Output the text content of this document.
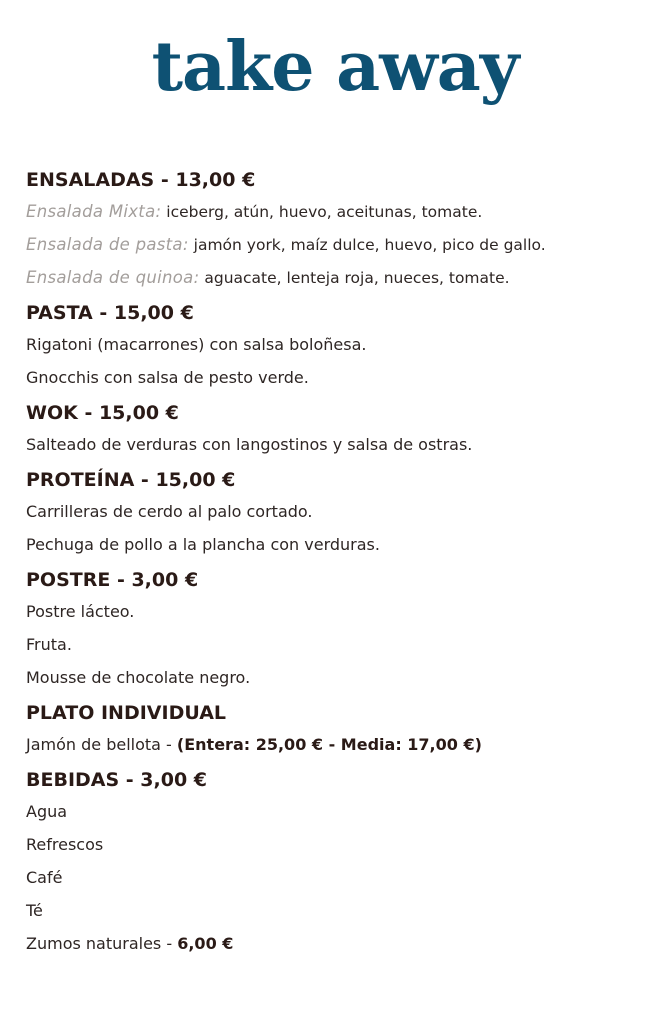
take away
ENSALADAS - 13,00 €
Ensalada Mixta: iceberg, atún, huevo, aceitunas, tomate.
Ensalada de pasta: jamón york, maíz dulce, huevo, pico de gallo.
Ensalada de quinoa: aguacate, lenteja roja, nueces, tomate.
PASTA - 15,00 €
Rigatoni (macarrones) con salsa boloñesa.
Gnocchis con salsa de pesto verde.
WOK - 15,00 €
Salteado de verduras con langostinos y salsa de ostras.
PROTEÍNA - 15,00 €
Carrilleras de cerdo al palo cortado.
Pechuga de pollo a la plancha con verduras.
POSTRE - 3,00 €
Postre lácteo.
Fruta.
Mousse de chocolate negro.
PLATO INDIVIDUAL
Jamón de bellota - (Entera: 25,00 € - Media: 17,00 €)
BEBIDAS - 3,00 €
Agua
Refrescos
Café
Té
Zumos naturales - 6,00 €
